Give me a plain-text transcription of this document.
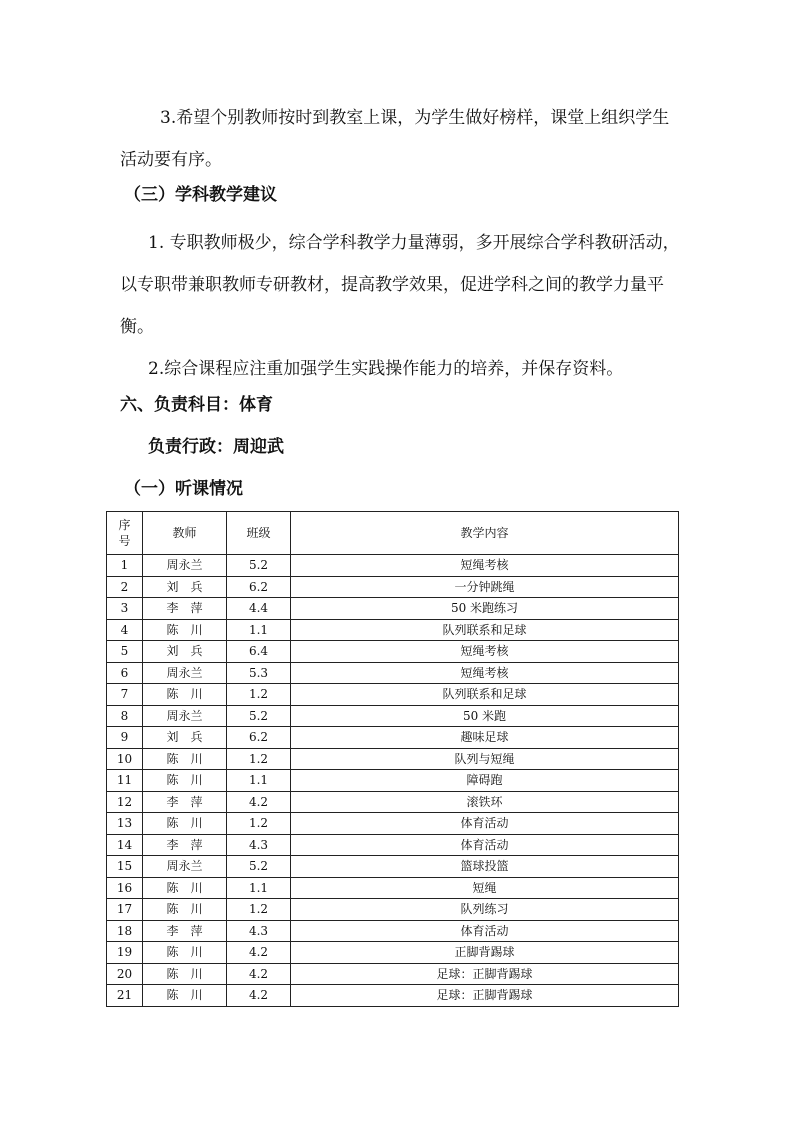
3.希望个别教师按时到教室上课，为学生做好榜样，课堂上组织学生活动要有序。

（三）学科教学建议

1. 专职教师极少，综合学科教学力量薄弱，多开展综合学科教研活动，以专职带兼职教师专研教材，提高教学效果，促进学科之间的教学力量平衡。

2.综合课程应注重加强学生实践操作能力的培养，并保存资料。

六、负责科目：体育
负责行政：周迎武
（一）听课情况
序号	教师	班级	教学内容
1	周永兰	5.2	短绳考核
2	刘　兵	6.2	一分钟跳绳
3	李　萍	4.4	50 米跑练习
4	陈　川	1.1	队列联系和足球
5	刘　兵	6.4	短绳考核
6	周永兰	5.3	短绳考核
7	陈　川	1.2	队列联系和足球
8	周永兰	5.2	50 米跑
9	刘　兵	6.2	趣味足球
10	陈　川	1.2	队列与短绳
11	陈　川	1.1	障碍跑
12	李　萍	4.2	滚铁环
13	陈　川	1.2	体育活动
14	李　萍	4.3	体育活动
15	周永兰	5.2	篮球投篮
16	陈　川	1.1	短绳
17	陈　川	1.2	队列练习
18	李　萍	4.3	体育活动
19	陈　川	4.2	正脚背踢球
20	陈　川	4.2	足球：正脚背踢球
21	陈　川	4.2	足球：正脚背踢球
